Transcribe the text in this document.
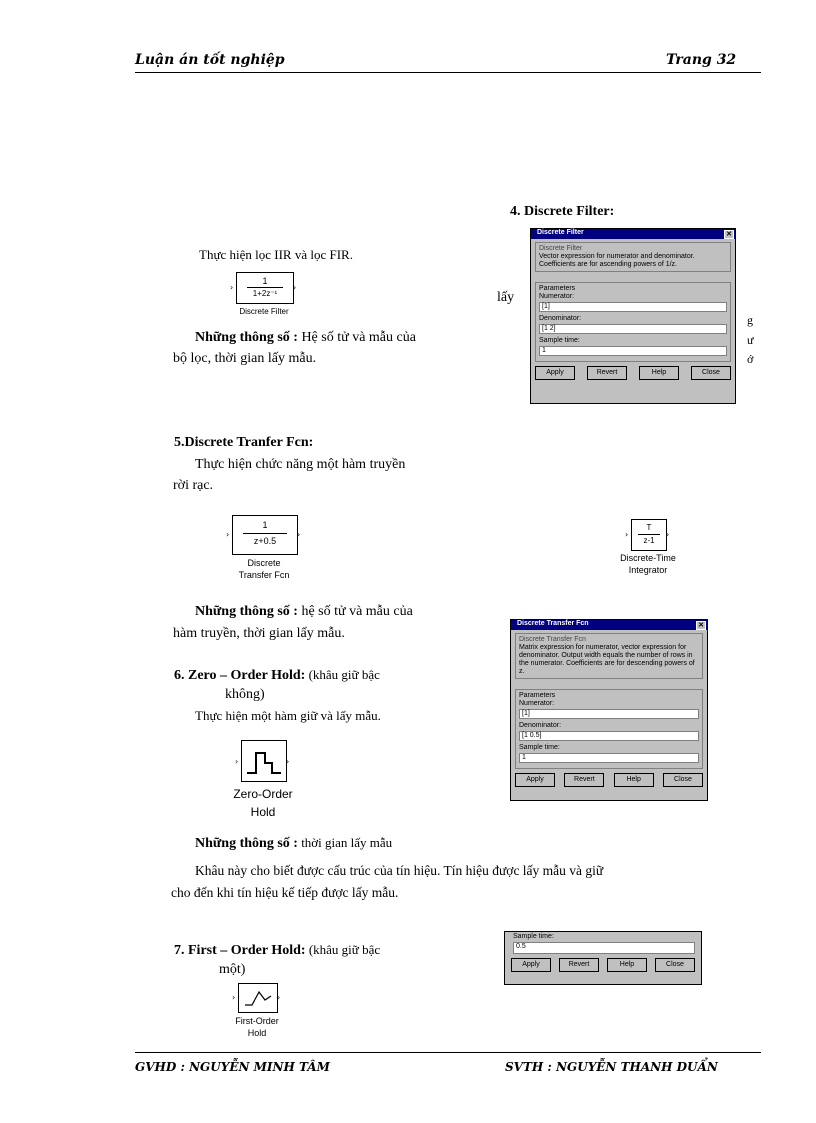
Luận án tốt nghiệp	Trang 32
4. Discrete Filter:
Thực hiện lọc IIR và lọc FIR.
1
1+2z⁻¹
›	›
Discrete Filter
lấy
Những thông số : Hệ số tử và mẫu của
bộ lọc, thời gian lấy mẫu.
g
ư
ớ
Discrete Filter	✕
Discrete Filter
Vector expression for numerator and denominator. Coefficients are for ascending powers of 1/z.
Parameters
Numerator:
[1]
Denominator:
[1 2]
Sample time:
1
Apply	Revert	Help	Close
5.Discrete Tranfer Fcn:
Thực hiện chức năng một hàm truyền
rời rạc.
1
z+0.5
›	›
Discrete
Transfer Fcn
T
z-1
›	›
Discrete-Time
Integrator
Những thông số : hệ số tử và mẫu của
hàm truyền, thời gian lấy mẫu.
Discrete Transfer Fcn	✕
Discrete Transfer Fcn
Matrix expression for numerator, vector expression for denominator. Output width equals the number of rows in the numerator. Coefficients are for descending powers of z.
Parameters
Numerator:
[1]
Denominator:
[1 0.5]
Sample time:
1
Apply	Revert	Help	Close
6. Zero – Order Hold: (khâu giữ bậc
không)
Thực hiện một hàm giữ và lấy mẫu.
›	›
Zero-Order
Hold
Những thông số : thời gian lấy mẫu
Khâu này cho biết được cấu trúc của tín hiệu. Tín hiệu được lấy mẫu và giữ
cho đến khi tín hiệu kế tiếp được lấy mẫu.
7. First – Order Hold: (khâu giữ bậc
một)
›	›
First-Order
Hold
Sample time:
0.5
Apply	Revert	Help	Close
GVHD : NGUYỄN MINH TÂM	SVTH : NGUYỄN THANH DUẨN
